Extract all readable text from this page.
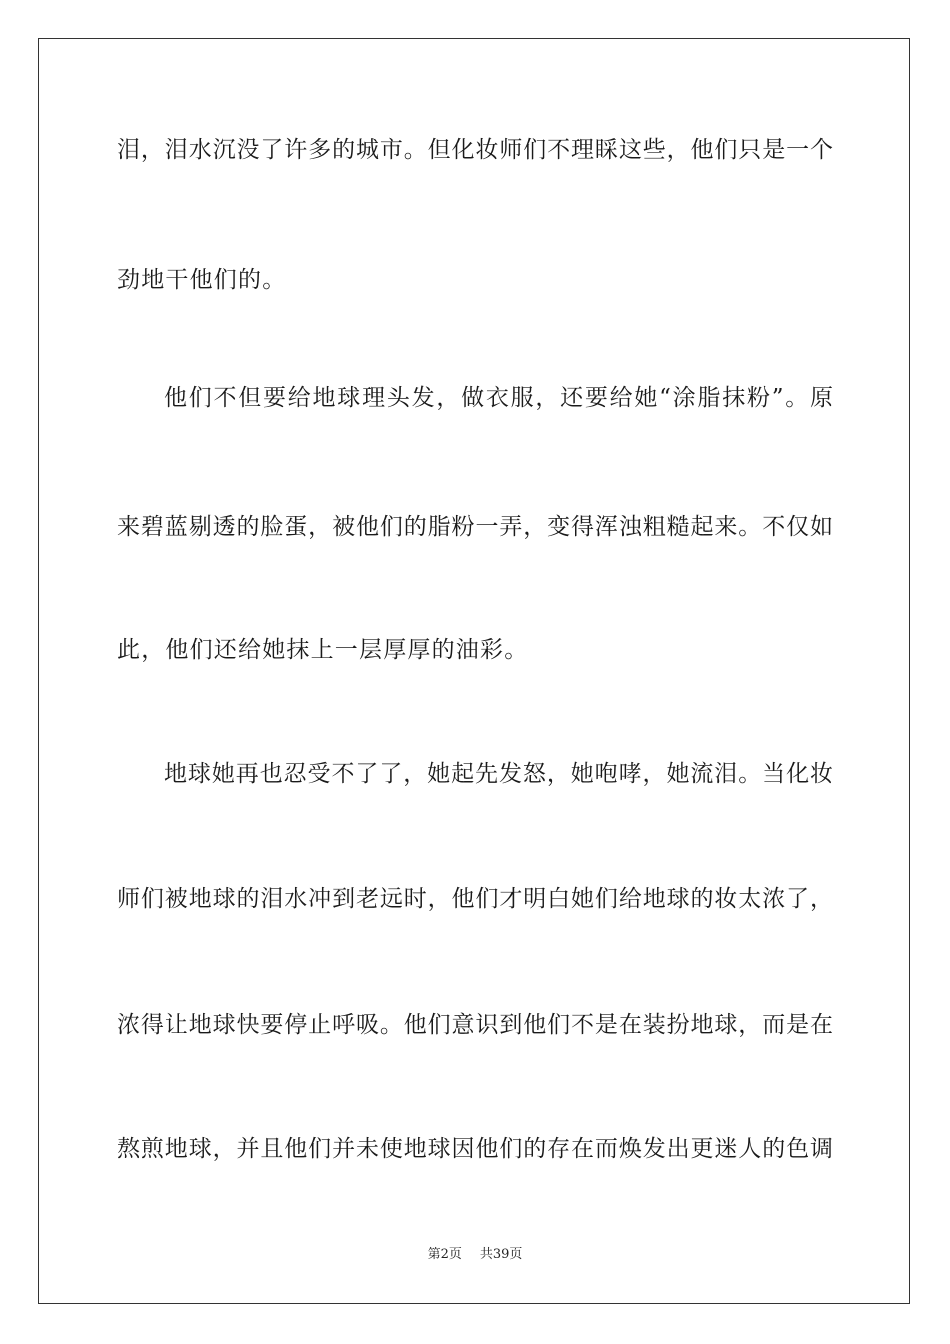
泪，泪水沉没了许多的城市。但化妆师们不理睬这些，他们只是一个
劲地干他们的。
他们不但要给地球理头发，做衣服，还要给她“涂脂抹粉”。原
来碧蓝剔透的脸蛋，被他们的脂粉一弄，变得浑浊粗糙起来。不仅如
此，他们还给她抹上一层厚厚的油彩。
地球她再也忍受不了了，她起先发怒，她咆哮，她流泪。当化妆
师们被地球的泪水冲到老远时，他们才明白她们给地球的妆太浓了，
浓得让地球快要停止呼吸。他们意识到他们不是在装扮地球，而是在
熬煎地球，并且他们并未使地球因他们的存在而焕发出更迷人的色调
第2页 共39页
